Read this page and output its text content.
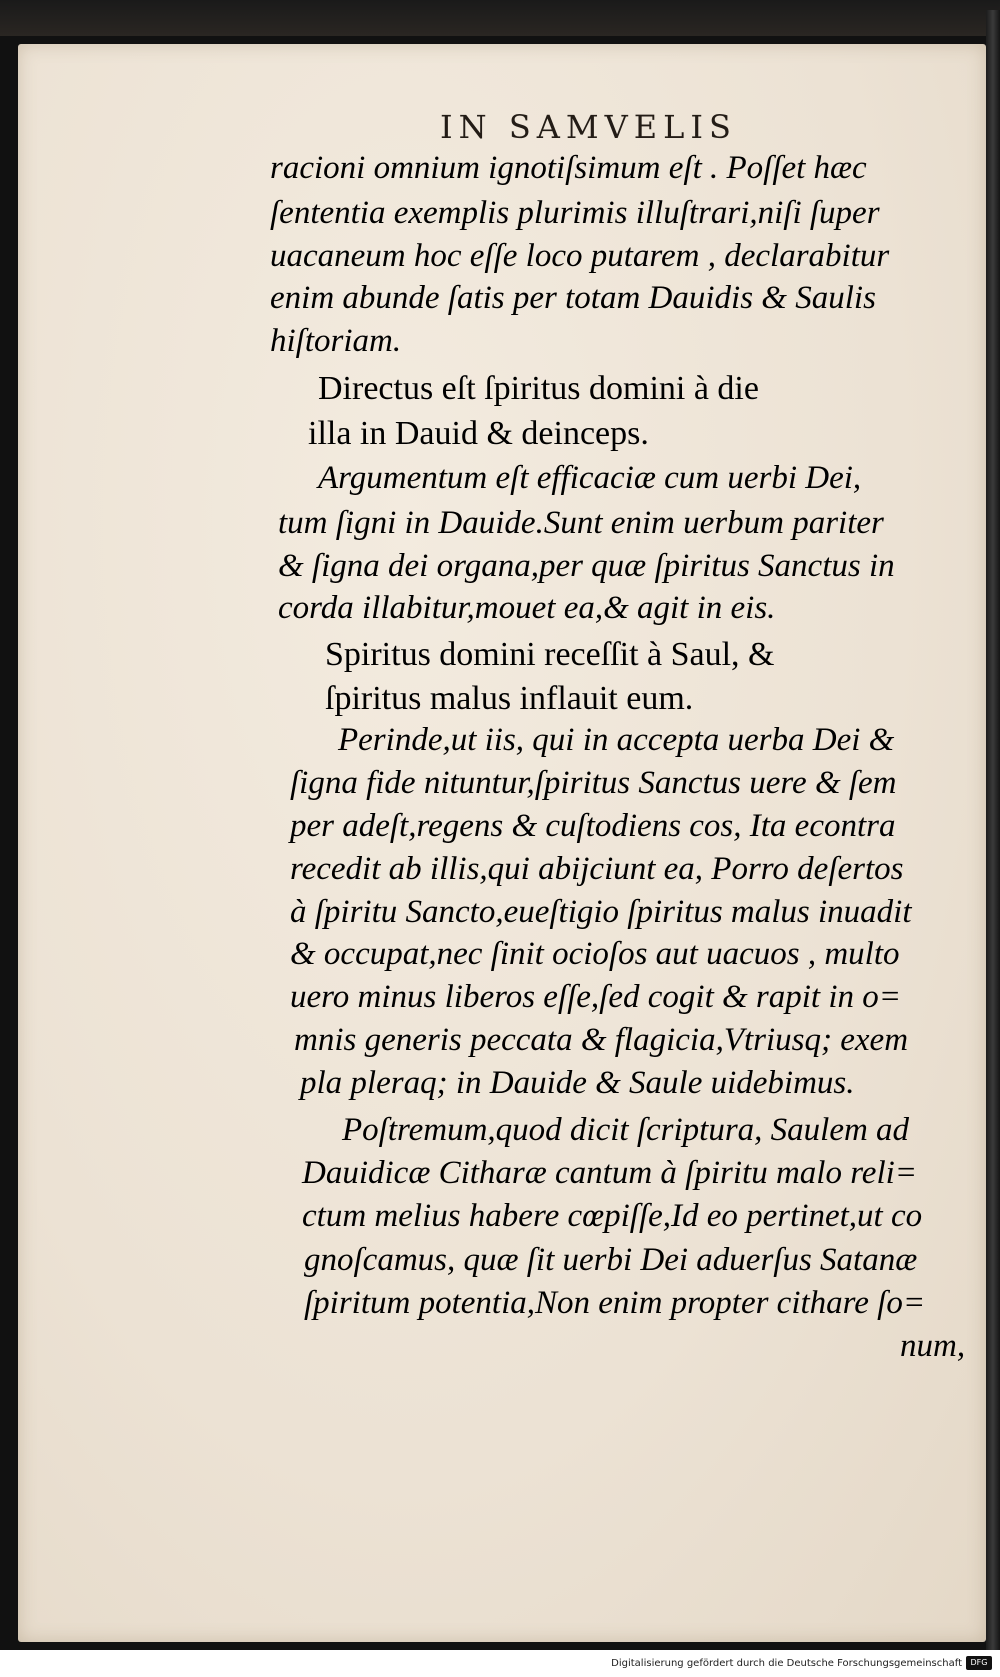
IN SAMVELIS
racioni omnium ignotiſsimum eſt . Poſſet hæc
ſententia exemplis plurimis illuſtrari,niſi ſuper
uacaneum hoc eſſe loco putarem , declarabitur
enim abunde ſatis per totam Dauidis & Saulis
hiſtoriam.
Directus eſt ſpiritus domini à die
illa in Dauid & deinceps.
Argumentum eſt efficaciæ cum uerbi Dei,
tum ſigni in Dauide.Sunt enim uerbum pariter
& ſigna dei organa,per quæ ſpiritus Sanctus in
corda illabitur,mouet ea,& agit in eis.
Spiritus domini receſſit à Saul, &
ſpiritus malus inflauit eum.
Perinde,ut iis, qui in accepta uerba Dei &
ſigna fide nituntur,ſpiritus Sanctus uere & ſem
per adeſt,regens & cuſtodiens cos, Ita econtra
recedit ab illis,qui abijciunt ea, Porro deſertos
à ſpiritu Sancto,eueſtigio ſpiritus malus inuadit
& occupat,nec ſinit ocioſos aut uacuos , multo
uero minus liberos eſſe,ſed cogit & rapit in o=
mnis generis peccata & flagicia,Vtriusq; exem
pla pleraq; in Dauide & Saule uidebimus.
Poſtremum,quod dicit ſcriptura, Saulem ad
Dauidicæ Citharæ cantum à ſpiritu malo reli=
ctum melius habere cœpiſſe,Id eo pertinet,ut co
gnoſcamus, quæ ſit uerbi Dei aduerſus Satanæ
ſpiritum potentia,Non enim propter cithare ſo=
num,
Digitalisierung gefördert durch die Deutsche Forschungsgemeinschaft	DFG
